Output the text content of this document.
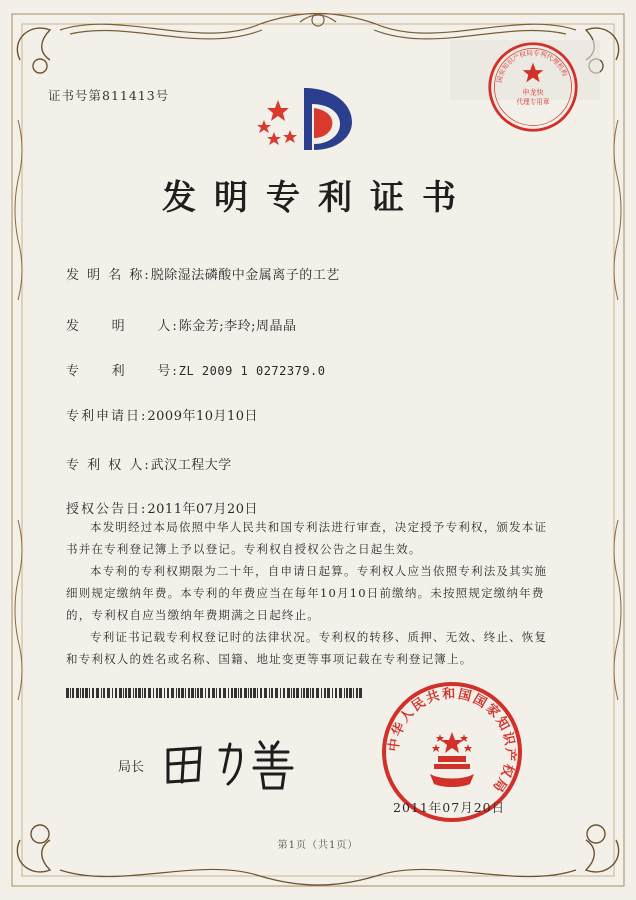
证书号第811413号
国家知识产权局专利代理机构
申龙快
代理专用章
发明专利证书
发 明 名 称:脱除湿法磷酸中金属离子的工艺
发     明     人:陈金芳;李玲;周晶晶
专     利     号:ZL 2009 1 0272379.0
专利申请日:2009年10月10日
专 利 权 人:武汉工程大学
授权公告日:2011年07月20日

本发明经过本局依照中华人民共和国专利法进行审查，决定授予专利权，颁发本证书并在专利登记簿上予以登记。专利权自授权公告之日起生效。

本专利的专利权期限为二十年，自申请日起算。专利权人应当依照专利法及其实施细则规定缴纳年费。本专利的年费应当在每年10月10日前缴纳。未按照规定缴纳年费的，专利权自应当缴纳年费期满之日起终止。

专利证书记载专利权登记时的法律状况。专利权的转移、质押、无效、终止、恢复和专利权人的姓名或名称、国籍、地址变更等事项记载在专利登记簿上。

局长
中华人民共和国国家知识产权局
2011年07月20日
第1页（共1页）
